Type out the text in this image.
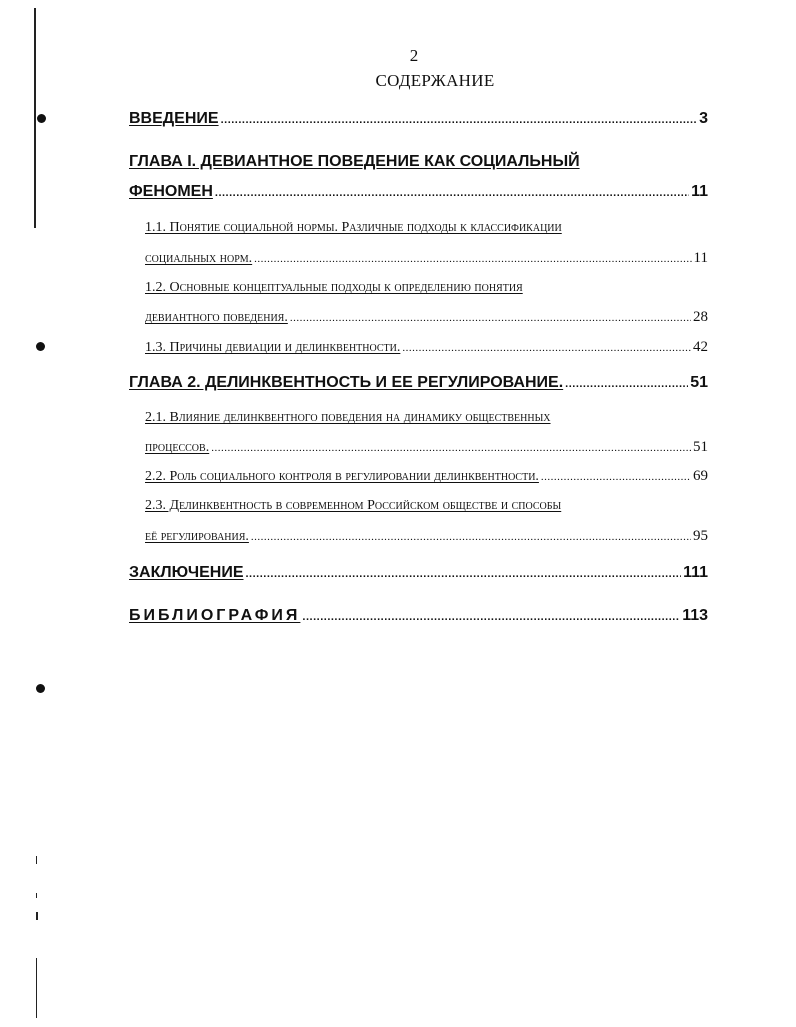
2
СОДЕРЖАНИЕ
ВВЕДЕНИЕ .....	3
ГЛАВА I. ДЕВИАНТНОЕ ПОВЕДЕНИЕ КАК СОЦИАЛЬНЫЙ
ФЕНОМЕН .....	11
1.1. Понятие социальной нормы. Различные подходы к классификации
социальных норм. .....	11
1.2. Основные концептуальные подходы к определению понятия
девиантного поведения. .....	28
1.3. Причины девиации и делинквентности. .....	42
ГЛАВА 2. ДЕЛИНКВЕНТНОСТЬ И ЕЕ РЕГУЛИРОВАНИЕ. .....	51
2.1. Влияние делинквентного поведения на динамику общественных
процессов. .....	51
2.2. Роль социального контроля в регулировании делинквентности. .....	69
2.3. Делинквентность в современном Российском обществе и способы
её регулирования. .....	95
ЗАКЛЮЧЕНИЕ .....	111
БИБЛИОГРАФИЯ .....	113
